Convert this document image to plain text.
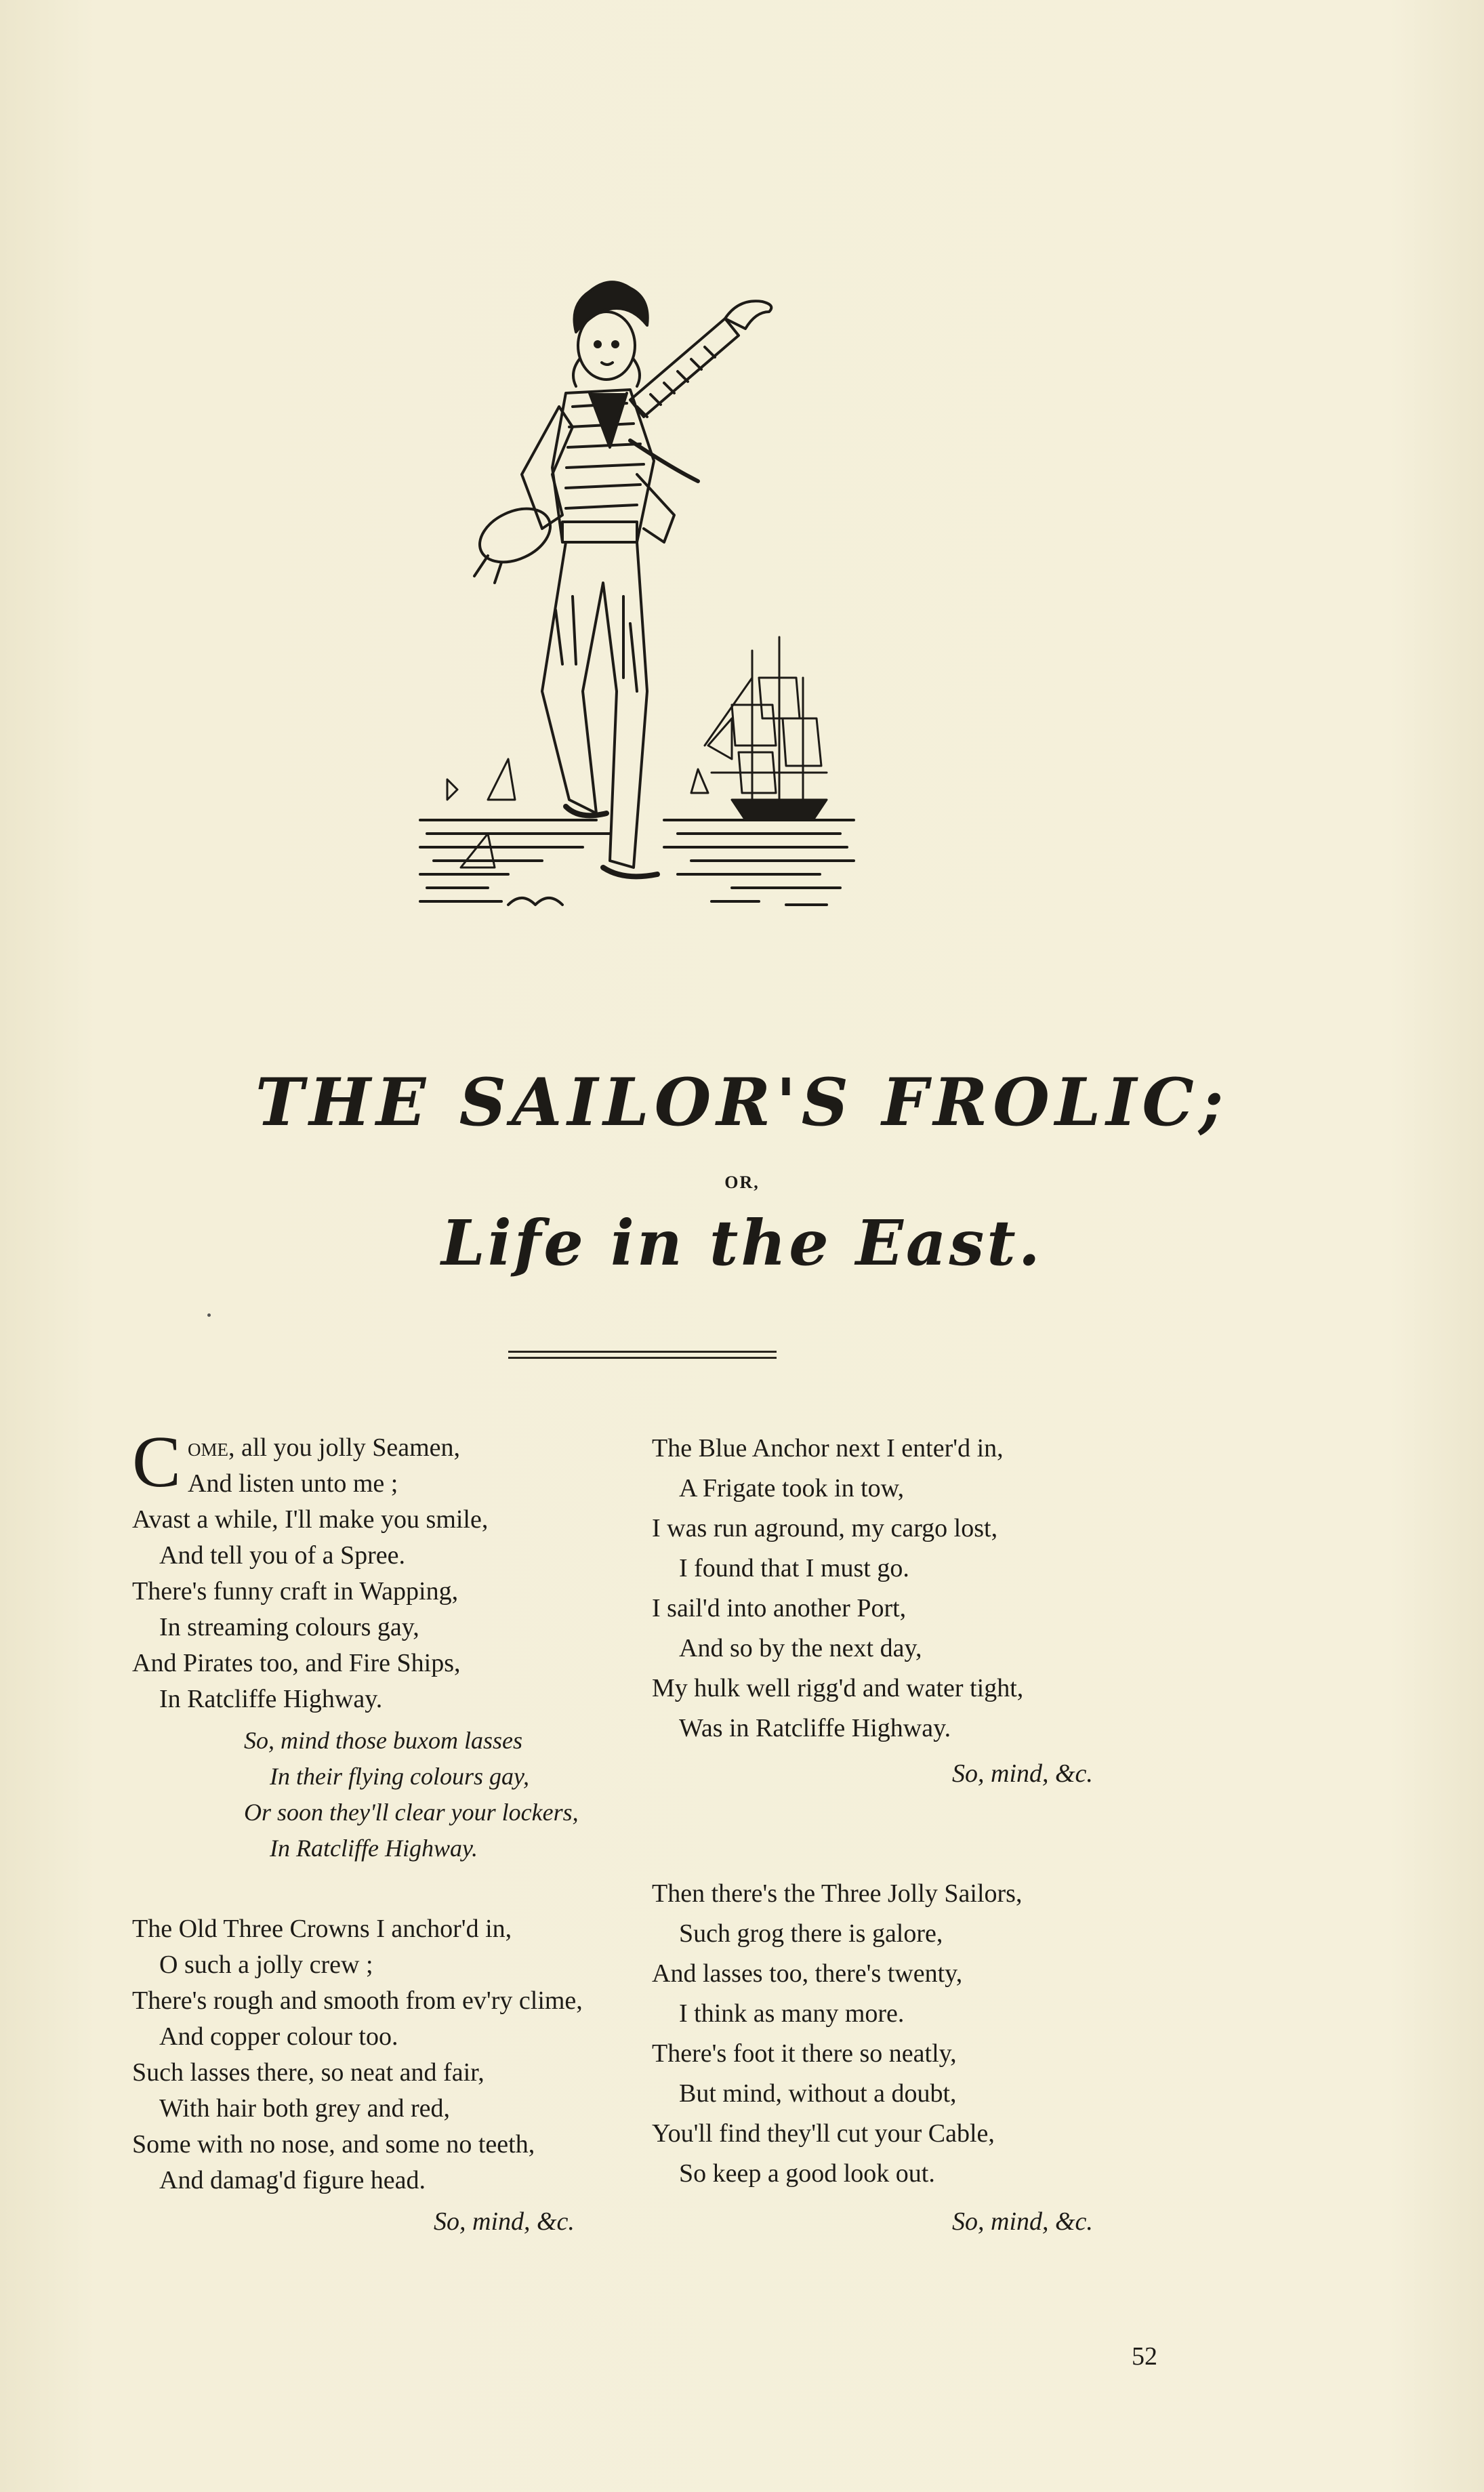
THE SAILOR'S FROLIC;
OR,
Life in the East.
C ome, all you jolly Seamen,
And listen unto me ;
Avast a while, I'll make you smile,
And tell you of a Spree.
There's funny craft in Wapping,
In streaming colours gay,
And Pirates too, and Fire Ships,
In Ratcliffe Highway.
So, mind those buxom lasses
In their flying colours gay,
Or soon they'll clear your lockers,
In Ratcliffe Highway.
The Old Three Crowns I anchor'd in,
O such a jolly crew ;
There's rough and smooth from ev'ry clime,
And copper colour too.
Such lasses there, so neat and fair,
With hair both grey and red,
Some with no nose, and some no teeth,
And damag'd figure head.
So, mind, &c.
The Blue Anchor next I enter'd in,
A Frigate took in tow,
I was run aground, my cargo lost,
I found that I must go.
I sail'd into another Port,
And so by the next day,
My hulk well rigg'd and water tight,
Was in Ratcliffe Highway.
So, mind, &c.
Then there's the Three Jolly Sailors,
Such grog there is galore,
And lasses too, there's twenty,
I think as many more.
There's foot it there so neatly,
But mind, without a doubt,
You'll find they'll cut your Cable,
So keep a good look out.
So, mind, &c.
52
